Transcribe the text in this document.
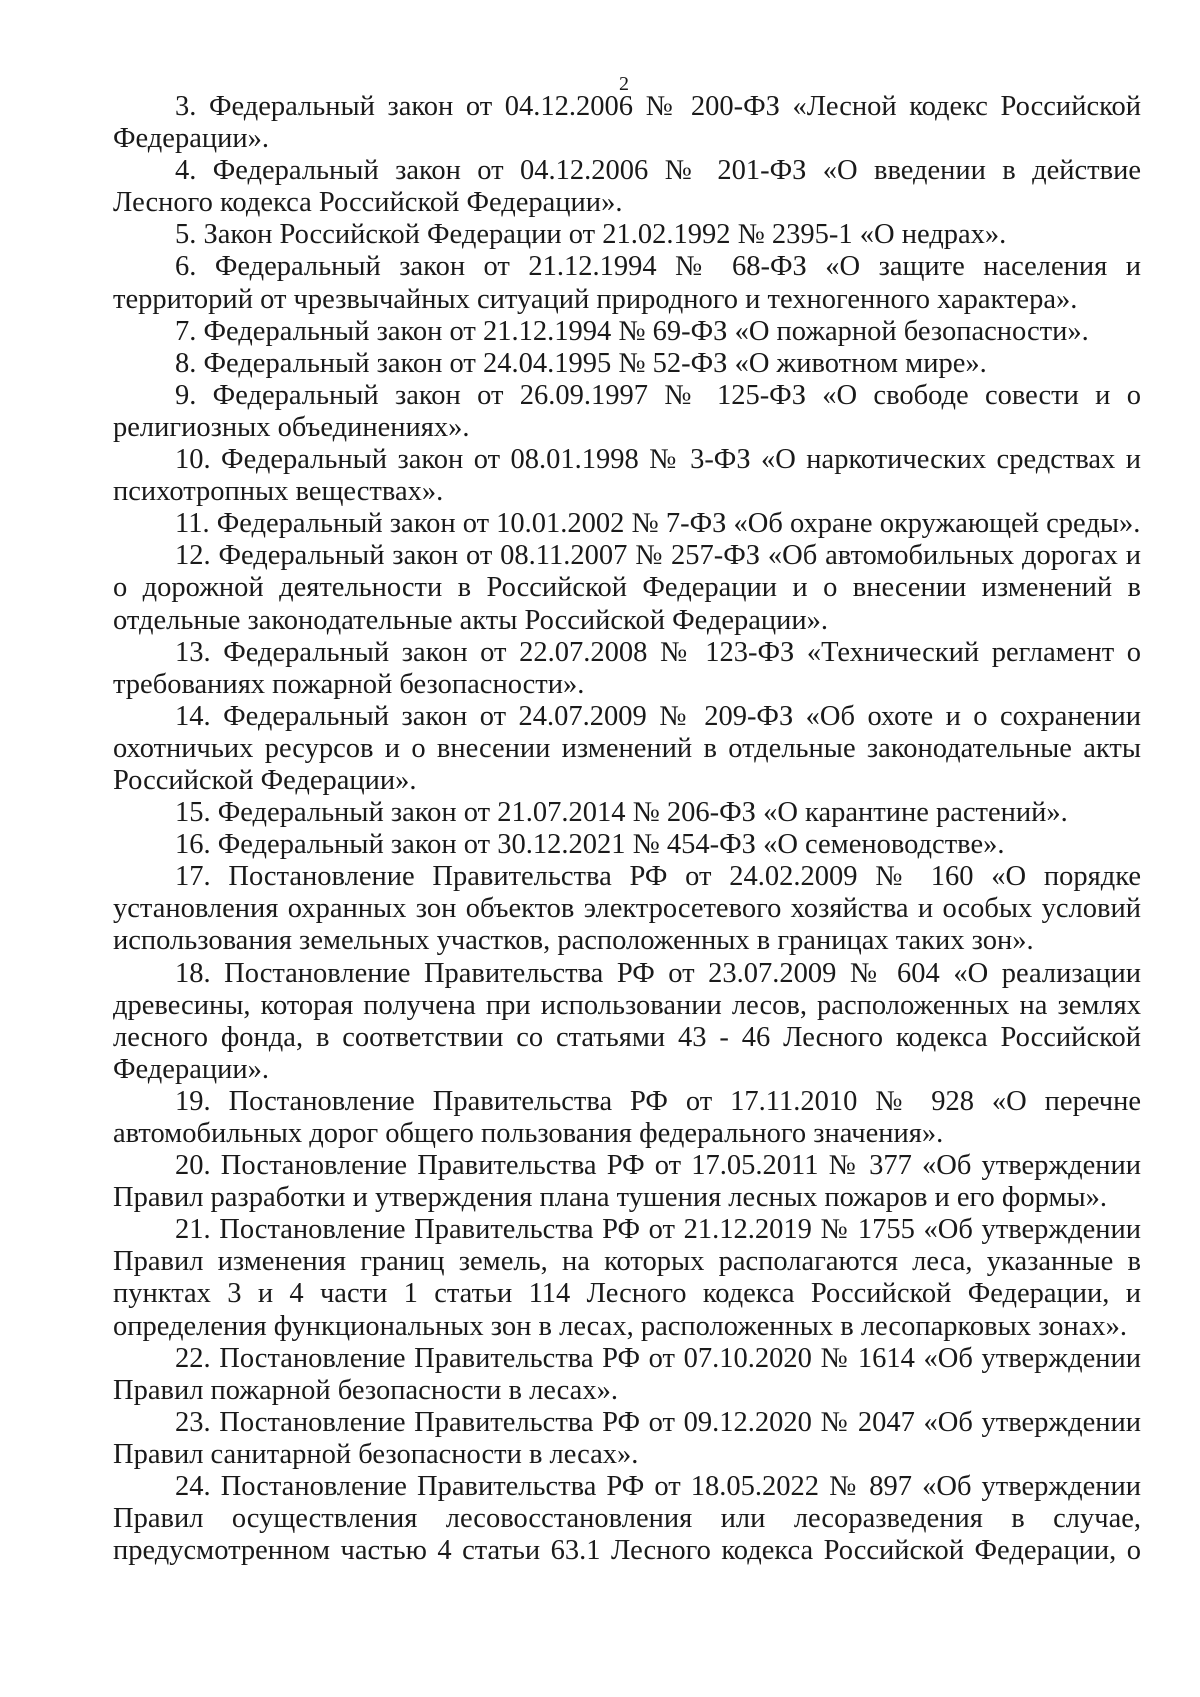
2

3. Федеральный закон от 04.12.2006 № 200-ФЗ «Лесной кодекс Российской Федерации».

4. Федеральный закон от 04.12.2006 № 201-ФЗ «О введении в действие Лесного кодекса Российской Федерации».

5. Закон Российской Федерации от 21.02.1992 № 2395-1 «О недрах».

6. Федеральный закон от 21.12.1994 № 68-ФЗ «О защите населения и территорий от чрезвычайных ситуаций природного и техногенного характера».

7. Федеральный закон от 21.12.1994 № 69-ФЗ «О пожарной безопасности».

8. Федеральный закон от 24.04.1995 № 52-ФЗ «О животном мире».

9. Федеральный закон от 26.09.1997 № 125-ФЗ «О свободе совести и о религиозных объединениях».

10. Федеральный закон от 08.01.1998 № 3-ФЗ «О наркотических средствах и психотропных веществах».

11. Федеральный закон от 10.01.2002 № 7-ФЗ «Об охране окружающей среды».

12. Федеральный закон от 08.11.2007 № 257-ФЗ «Об автомобильных дорогах и о дорожной деятельности в Российской Федерации и о внесении изменений в отдельные законодательные акты Российской Федерации».

13. Федеральный закон от 22.07.2008 № 123-ФЗ «Технический регламент о требованиях пожарной безопасности».

14. Федеральный закон от 24.07.2009 № 209-ФЗ «Об охоте и о сохранении охотничьих ресурсов и о внесении изменений в отдельные законодательные акты Российской Федерации».

15. Федеральный закон от 21.07.2014 № 206-ФЗ «О карантине растений».

16. Федеральный закон от 30.12.2021 № 454-ФЗ «О семеноводстве».

17. Постановление Правительства РФ от 24.02.2009 № 160 «О порядке установления охранных зон объектов электросетевого хозяйства и особых условий использования земельных участков, расположенных в границах таких зон».

18. Постановление Правительства РФ от 23.07.2009 № 604 «О реализации древесины, которая получена при использовании лесов, расположенных на землях лесного фонда, в соответствии со статьями 43 - 46 Лесного кодекса Российской Федерации».

19. Постановление Правительства РФ от 17.11.2010 № 928 «О перечне автомобильных дорог общего пользования федерального значения».

20. Постановление Правительства РФ от 17.05.2011 № 377 «Об утверждении Правил разработки и утверждения плана тушения лесных пожаров и его формы».

21. Постановление Правительства РФ от 21.12.2019 № 1755 «Об утверждении Правил изменения границ земель, на которых располагаются леса, указанные в пунктах 3 и 4 части 1 статьи 114 Лесного кодекса Российской Федерации, и определения функциональных зон в лесах, расположенных в лесопарковых зонах».

22. Постановление Правительства РФ от 07.10.2020 № 1614 «Об утверждении Правил пожарной безопасности в лесах».

23. Постановление Правительства РФ от 09.12.2020 № 2047 «Об утверждении Правил санитарной безопасности в лесах».

24. Постановление Правительства РФ от 18.05.2022 № 897 «Об утверждении Правил осуществления лесовосстановления или лесоразведения в случае, предусмотренном частью 4 статьи 63.1 Лесного кодекса Российской Федерации, о
